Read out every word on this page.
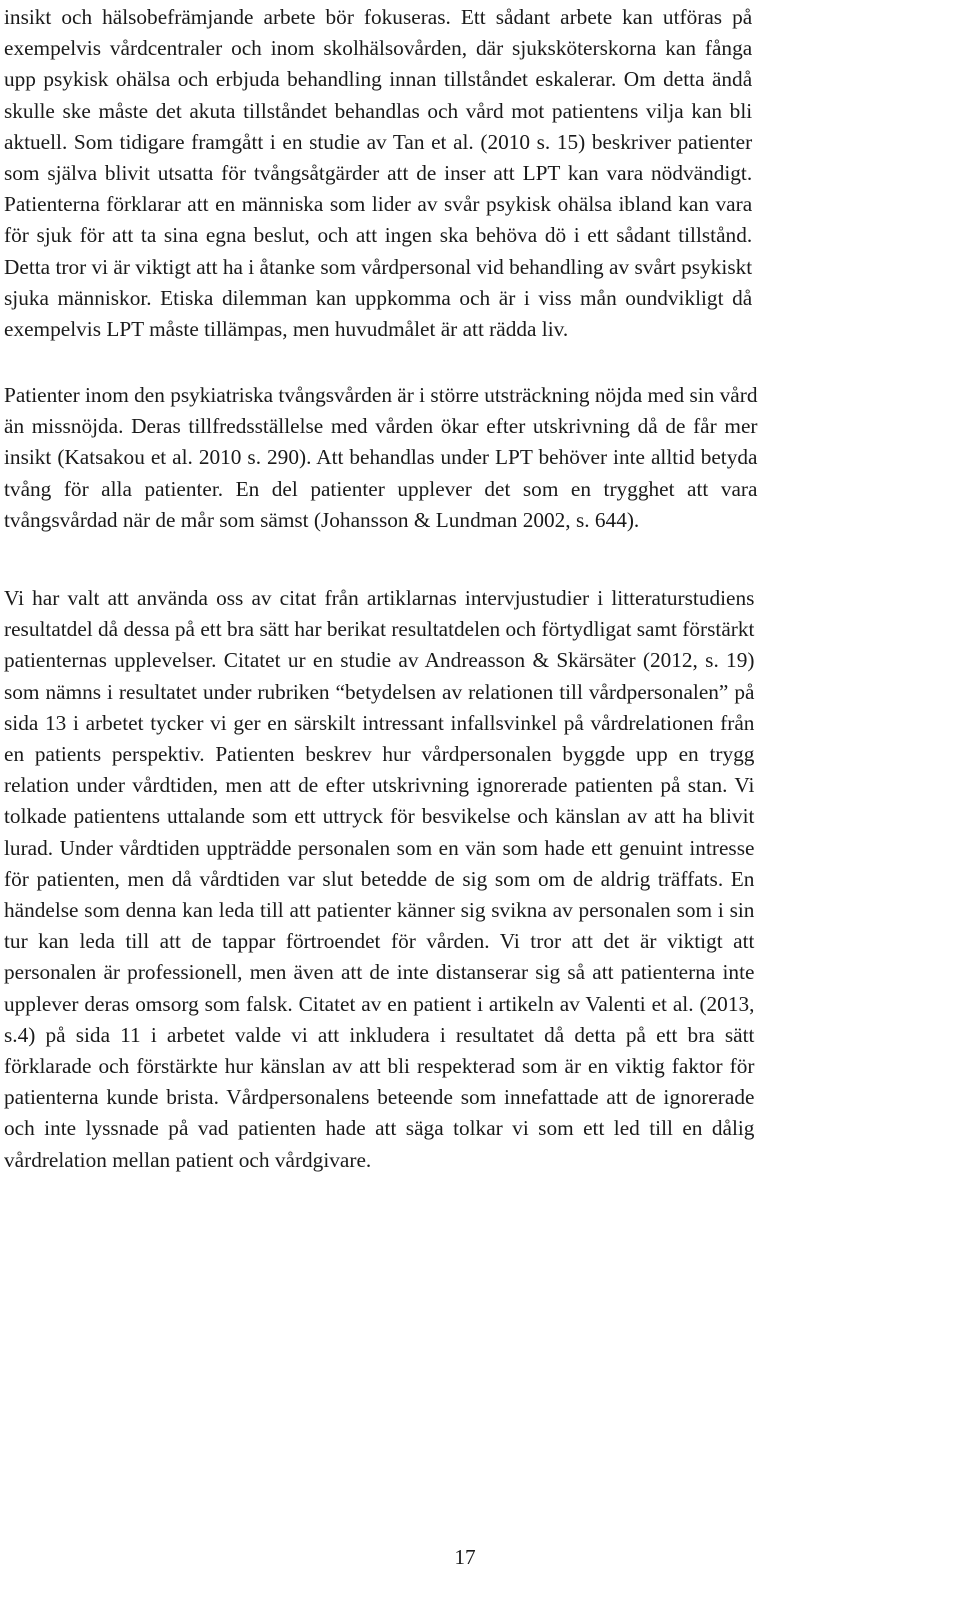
insikt och hälsobefrämjande arbete bör fokuseras. Ett sådant arbete kan utföras på
exempelvis vårdcentraler och inom skolhälsovården, där sjuksköterskorna kan fånga
upp psykisk ohälsa och erbjuda behandling innan tillståndet eskalerar. Om detta ändå
skulle ske måste det akuta tillståndet behandlas och vård mot patientens vilja kan bli
aktuell. Som tidigare framgått i en studie av Tan et al. (2010 s. 15) beskriver patienter
som själva blivit utsatta för tvångsåtgärder att de inser att LPT kan vara nödvändigt.
Patienterna förklarar att en människa som lider av svår psykisk ohälsa ibland kan vara
för sjuk för att ta sina egna beslut, och att ingen ska behöva dö i ett sådant tillstånd.
Detta tror vi är viktigt att ha i åtanke som vårdpersonal vid behandling av svårt psykiskt
sjuka människor. Etiska dilemman kan uppkomma och är i viss mån oundvikligt då
exempelvis LPT måste tillämpas, men huvudmålet är att rädda liv.
Patienter inom den psykiatriska tvångsvården är i större utsträckning nöjda med sin vård
än missnöjda. Deras tillfredsställelse med vården ökar efter utskrivning då de får mer
insikt (Katsakou et al. 2010 s. 290). Att behandlas under LPT behöver inte alltid betyda
tvång för alla patienter. En del patienter upplever det som en trygghet att vara
tvångsvårdad när de mår som sämst (Johansson & Lundman 2002, s. 644).
Vi har valt att använda oss av citat från artiklarnas intervjustudier i litteraturstudiens
resultatdel då dessa på ett bra sätt har berikat resultatdelen och förtydligat samt förstärkt
patienternas upplevelser. Citatet ur en studie av Andreasson & Skärsäter (2012, s. 19)
som nämns i resultatet under rubriken “betydelsen av relationen till vårdpersonalen” på
sida 13 i arbetet tycker vi ger en särskilt intressant infallsvinkel på vårdrelationen från
en patients perspektiv. Patienten beskrev hur vårdpersonalen byggde upp en trygg
relation under vårdtiden, men att de efter utskrivning ignorerade patienten på stan. Vi
tolkade patientens uttalande som ett uttryck för besvikelse och känslan av att ha blivit
lurad. Under vårdtiden uppträdde personalen som en vän som hade ett genuint intresse
för patienten, men då vårdtiden var slut betedde de sig som om de aldrig träffats. En
händelse som denna kan leda till att patienter känner sig svikna av personalen som i sin
tur kan leda till att de tappar förtroendet för vården. Vi tror att det är viktigt att
personalen är professionell, men även att de inte distanserar sig så att patienterna inte
upplever deras omsorg som falsk. Citatet av en patient i artikeln av Valenti et al. (2013,
s.4) på sida 11 i arbetet valde vi att inkludera i resultatet då detta på ett bra sätt
förklarade och förstärkte hur känslan av att bli respekterad som är en viktig faktor för
patienterna kunde brista. Vårdpersonalens beteende som innefattade att de ignorerade
och inte lyssnade på vad patienten hade att säga tolkar vi som ett led till en dålig
vårdrelation mellan patient och vårdgivare.
17
